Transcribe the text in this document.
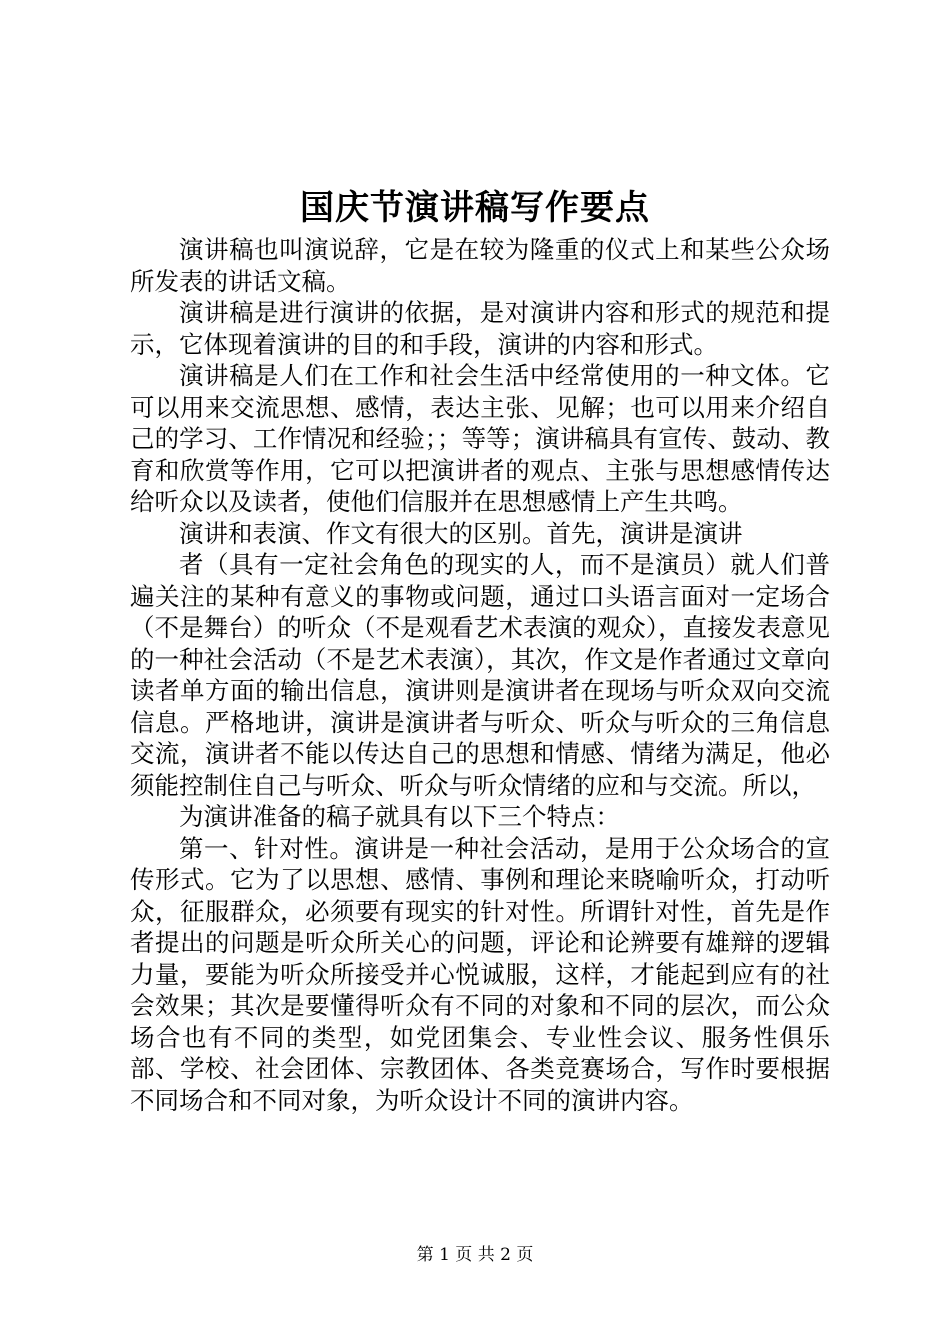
国庆节演讲稿写作要点

演讲稿也叫演说辞，它是在较为隆重的仪式上和某些公众场所发表的讲话文稿。

演讲稿是进行演讲的依据，是对演讲内容和形式的规范和提示，它体现着演讲的目的和手段，演讲的内容和形式。

演讲稿是人们在工作和社会生活中经常使用的一种文体。它可以用来交流思想、感情，表达主张、见解；也可以用来介绍自己的学习、工作情况和经验；；等等；演讲稿具有宣传、鼓动、教育和欣赏等作用，它可以把演讲者的观点、主张与思想感情传达给听众以及读者，使他们信服并在思想感情上产生共鸣。

演讲和表演、作文有很大的区别。首先，演讲是演讲

者（具有一定社会角色的现实的人，而不是演员）就人们普遍关注的某种有意义的事物或问题，通过口头语言面对一定场合（不是舞台）的听众（不是观看艺术表演的观众），直接发表意见的一种社会活动（不是艺术表演），其次，作文是作者通过文章向读者单方面的输出信息，演讲则是演讲者在现场与听众双向交流信息。严格地讲，演讲是演讲者与听众、听众与听众的三角信息交流，演讲者不能以传达自己的思想和情感、情绪为满足，他必须能控制住自己与听众、听众与听众情绪的应和与交流。所以，

为演讲准备的稿子就具有以下三个特点：

第一、针对性。演讲是一种社会活动，是用于公众场合的宣传形式。它为了以思想、感情、事例和理论来晓喻听众，打动听众，征服群众，必须要有现实的针对性。所谓针对性，首先是作者提出的问题是听众所关心的问题，评论和论辨要有雄辩的逻辑力量，要能为听众所接受并心悦诚服，这样，才能起到应有的社会效果；其次是要懂得听众有不同的对象和不同的层次，而公众场合也有不同的类型，如党团集会、专业性会议、服务性俱乐部、学校、社会团体、宗教团体、各类竞赛场合，写作时要根据不同场合和不同对象，为听众设计不同的演讲内容。

第 1 页 共 2 页
